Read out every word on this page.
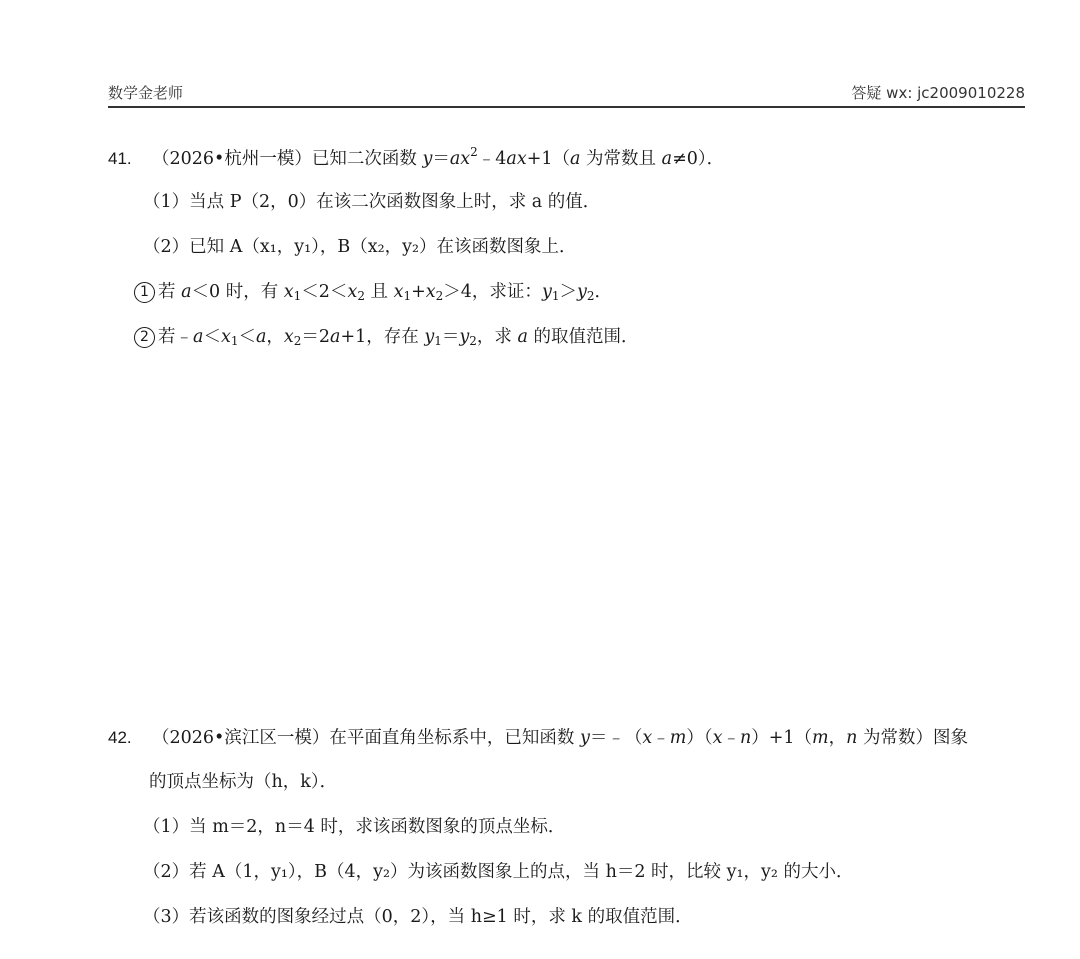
数学金老师	答疑 wx: jc2009010228
41. （2026•杭州一模）已知二次函数 $y=ax^2﹣4ax+1(a$ 为常数且 a≠0）．
（1）当点 P（2，0）在该二次函数图象上时，求 a 的值．
（2）已知 A（x₁，y₁），B（x₂，y₂）在该函数图象上．
1 若 a＜0 时，有 $x_1<2<x_2$ 且 $x_1+x_2>4$，求证：$y_1>y_2$．
2 若$﹣a<x_1<a$，$x_2=2a+1$，存在 $y_1=y_2$，求 a 的取值范围．
42. （2026•滨江区一模）在平面直角坐标系中，已知函数 y＝﹣（x﹣m）（x﹣n）+1（m，n 为常数）图象
的顶点坐标为（h，k）．
（1）当 m＝2，n＝4 时，求该函数图象的顶点坐标．
（2）若 A（1，y₁），B（4，y₂）为该函数图象上的点，当 h＝2 时，比较 y₁，y₂ 的大小．
（3）若该函数的图象经过点（0，2），当 h≥1 时，求 k 的取值范围．
